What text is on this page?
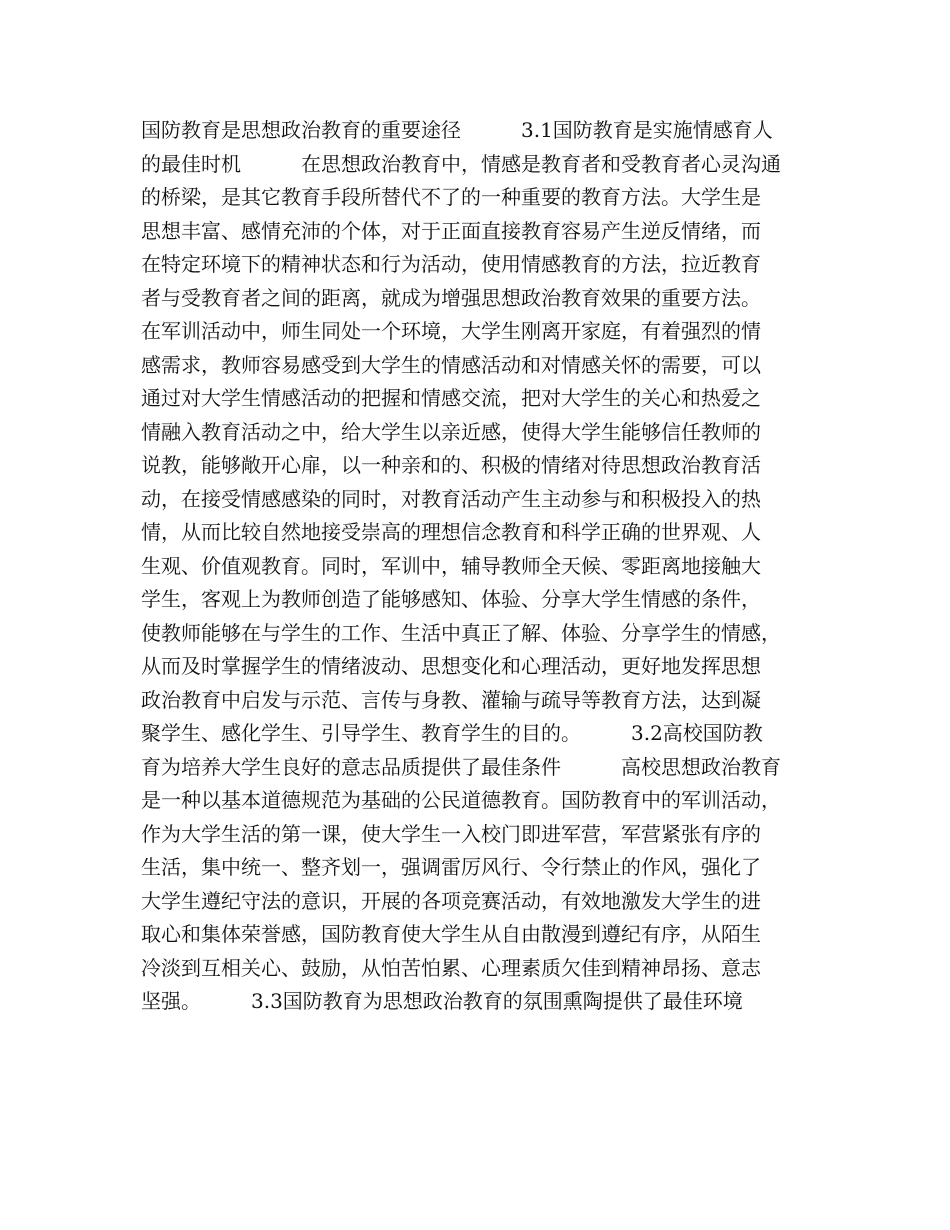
国防教育是思想政治教育的重要途径　　　3.1国防教育是实施情感育人
的最佳时机　　　在思想政治教育中，情感是教育者和受教育者心灵沟通
的桥梁，是其它教育手段所替代不了的一种重要的教育方法。大学生是
思想丰富、感情充沛的个体，对于正面直接教育容易产生逆反情绪，而
在特定环境下的精神状态和行为活动，使用情感教育的方法，拉近教育
者与受教育者之间的距离，就成为增强思想政治教育效果的重要方法。
在军训活动中，师生同处一个环境，大学生刚离开家庭，有着强烈的情
感需求，教师容易感受到大学生的情感活动和对情感关怀的需要，可以
通过对大学生情感活动的把握和情感交流，把对大学生的关心和热爱之
情融入教育活动之中，给大学生以亲近感，使得大学生能够信任教师的
说教，能够敞开心扉，以一种亲和的、积极的情绪对待思想政治教育活
动，在接受情感感染的同时，对教育活动产生主动参与和积极投入的热
情，从而比较自然地接受崇高的理想信念教育和科学正确的世界观、人
生观、价值观教育。同时，军训中，辅导教师全天候、零距离地接触大
学生，客观上为教师创造了能够感知、体验、分享大学生情感的条件，
使教师能够在与学生的工作、生活中真正了解、体验、分享学生的情感，
从而及时掌握学生的情绪波动、思想变化和心理活动，更好地发挥思想
政治教育中启发与示范、言传与身教、灌输与疏导等教育方法，达到凝
聚学生、感化学生、引导学生、教育学生的目的。　　　3.2高校国防教
育为培养大学生良好的意志品质提供了最佳条件　　　高校思想政治教育
是一种以基本道德规范为基础的公民道德教育。国防教育中的军训活动，
作为大学生活的第一课，使大学生一入校门即进军营，军营紧张有序的
生活，集中统一、整齐划一，强调雷厉风行、令行禁止的作风，强化了
大学生遵纪守法的意识，开展的各项竞赛活动，有效地激发大学生的进
取心和集体荣誉感，国防教育使大学生从自由散漫到遵纪有序，从陌生
冷淡到互相关心、鼓励，从怕苦怕累、心理素质欠佳到精神昂扬、意志
坚强。　　　3.3国防教育为思想政治教育的氛围熏陶提供了最佳环境
